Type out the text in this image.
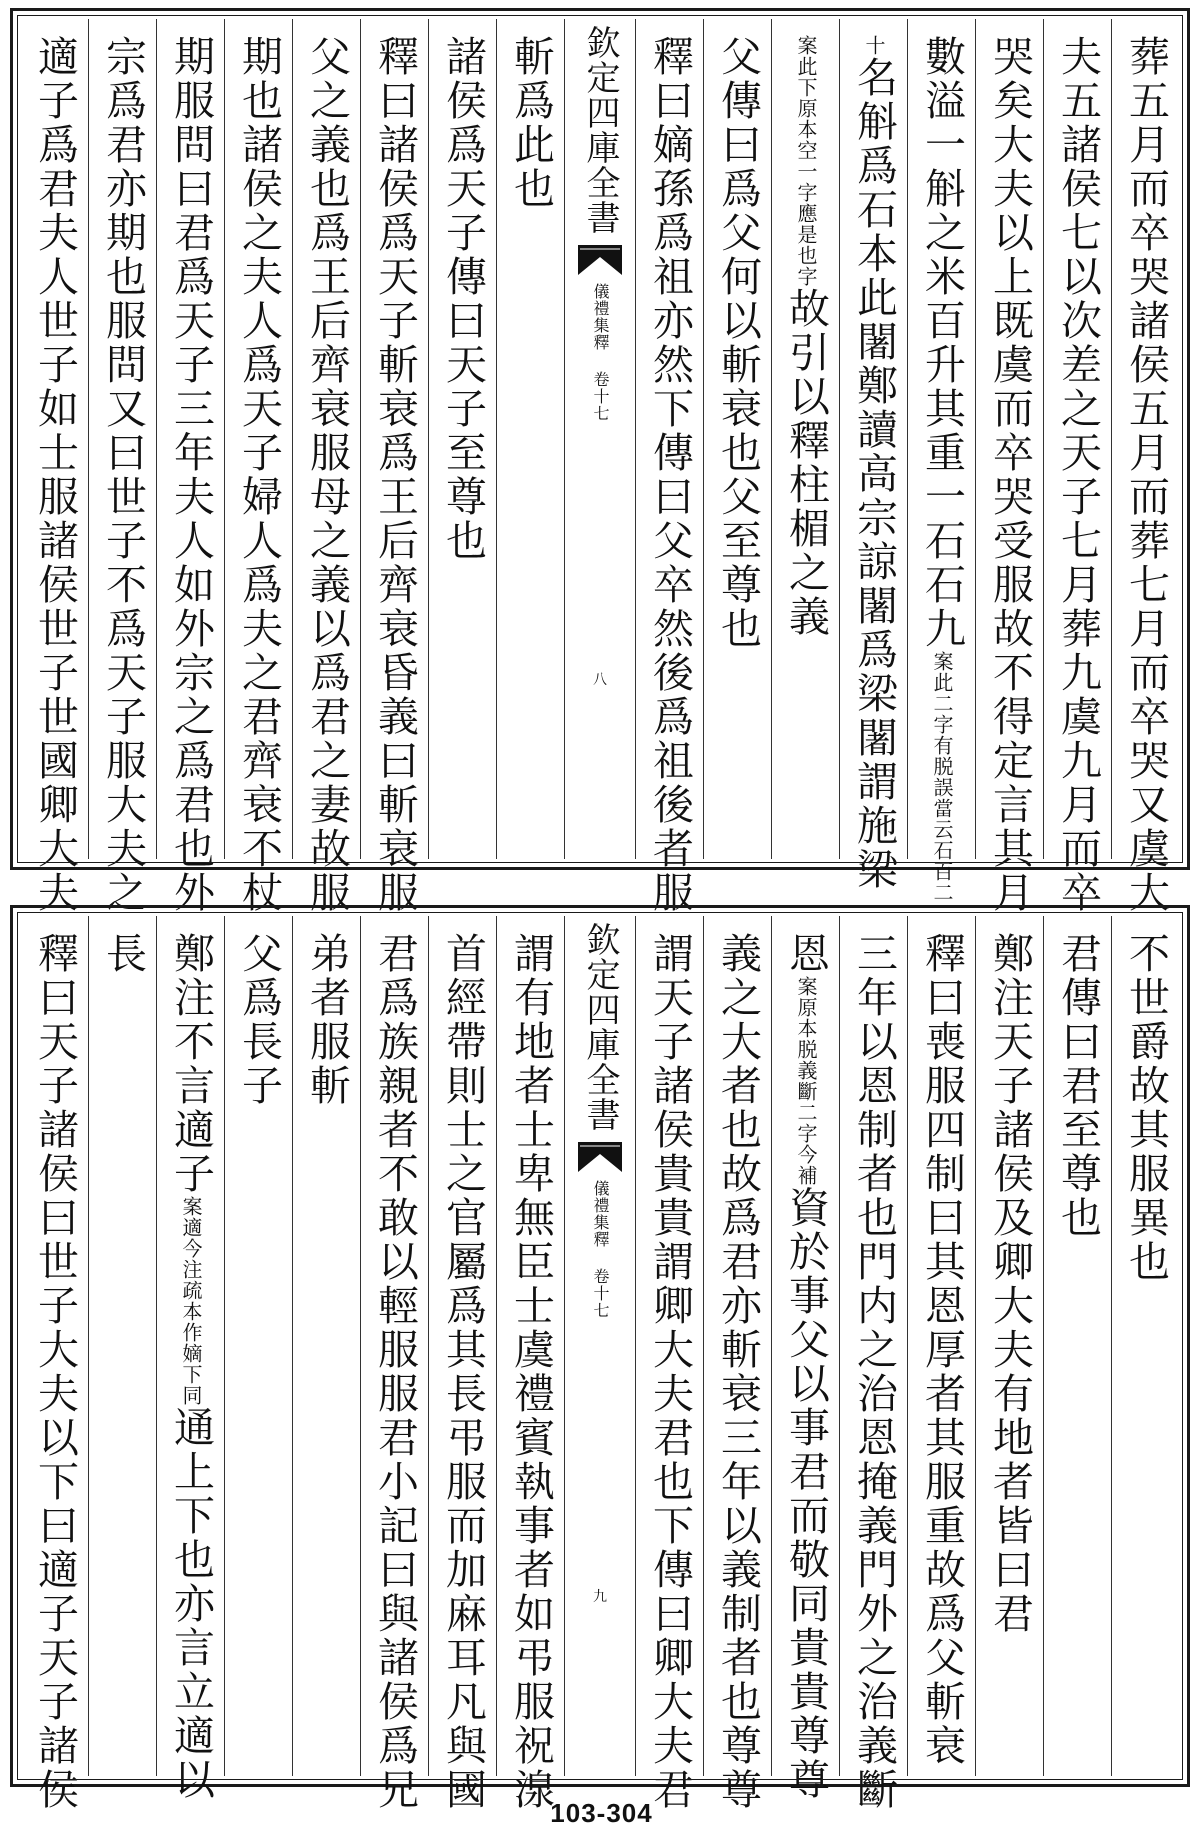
葬五月而卒哭諸侯五月而葬七月而卒哭又虞大
夫五諸侯七以次差之天子七月葬九虞九月而卒
哭矣大夫以上既虞而卒哭受服故不得定言其月
數溢一斛之米百升其重一石石九
案此二字有脱
誤當云石百二
十名斛爲石本此闍鄭讀高宗諒闍爲梁闍謂施梁
案此下原本空
一字應是也字
故引以釋柱楣之義
父傳曰爲父何以斬衰也父至尊也
釋曰嫡孫爲祖亦然下傳曰父卒然後爲祖後者服
欽定四庫全書
儀禮集釋 卷十七
八
斬爲此也
諸侯爲天子傳曰天子至尊也
釋曰諸侯爲天子斬衰爲王后齊衰昏義曰斬衰服
父之義也爲王后齊衰服母之義以爲君之妻故服
期也諸侯之夫人爲天子婦人爲夫之君齊衰不杖
期服問曰君爲天子三年夫人如外宗之爲君也外
宗爲君亦期也服問又曰世子不爲天子服大夫之
適子爲君夫人世子如士服諸侯世子世國卿大夫
不世爵故其服異也
君傳曰君至尊也
鄭注天子諸侯及卿大夫有地者皆曰君
釋曰喪服四制曰其恩厚者其服重故爲父斬衰
三年以恩制者也門内之治恩掩義門外之治義斷
恩
案原本脱義
斷二字今補
資於事父以事君而敬同貴貴尊尊
義之大者也故爲君亦斬衰三年以義制者也尊尊
謂天子諸侯貴貴謂卿大夫君也下傳曰卿大夫君
欽定四庫全書
儀禮集釋 卷十七
九
謂有地者士卑無臣士虞禮賓執事者如弔服祝湶
首經帶則士之官屬爲其長弔服而加麻耳凡與國
君爲族親者不敢以輕服服君小記曰與諸侯爲兄
弟者服斬
父爲長子
鄭注不言適子
案適今注疏
本作嫡下同
通上下也亦言立適以
長
釋曰天子諸侯曰世子大夫以下曰適子天子諸侯
103-304
